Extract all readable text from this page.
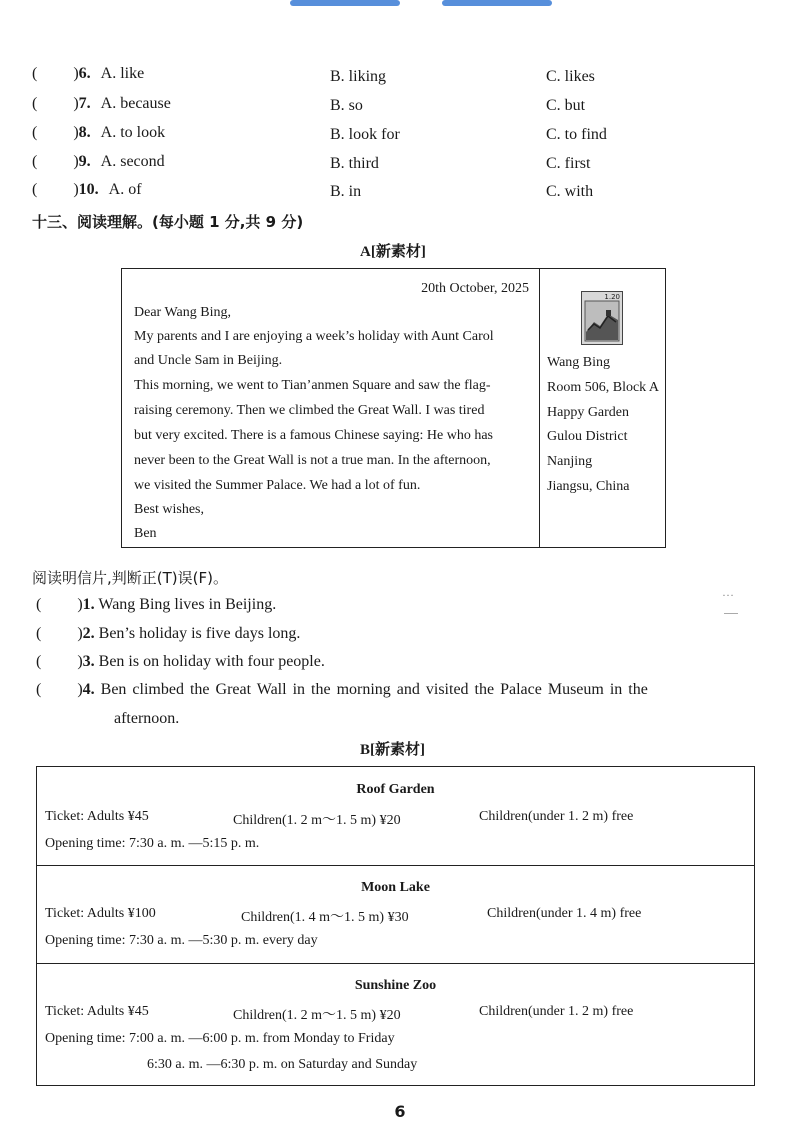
( )6. A. like	B. liking	C. likes
( )7. A. because	B. so	C. but
( )8. A. to look	B. look for	C. to find
( )9. A. second	B. third	C. first
( )10. A. of	B. in	C. with
十三、阅读理解。(每小题 1 分,共 9 分)
A[新素材]
20th October, 2025
Dear Wang Bing,
My parents and I are enjoying a week’s holiday with Aunt Carol
and Uncle Sam in Beijing.
This morning, we went to Tian’anmen Square and saw the flag-
raising ceremony. Then we climbed the Great Wall. I was tired
but very excited. There is a famous Chinese saying: He who has
never been to the Great Wall is not a true man. In the afternoon,
we visited the Summer Palace. We had a lot of fun.
Best wishes,
Ben
1.20
Wang Bing
Room 506, Block A
Happy Garden
Gulou District
Nanjing
Jiangsu, China
阅读明信片,判断正(T)误(F)。
( )1. Wang Bing lives in Beijing.
( )2. Ben’s holiday is five days long.
( )3. Ben is on holiday with four people.
( )4. Ben climbed the Great Wall in the morning and visited the Palace Museum in the
afternoon.
…
B[新素材]
Roof Garden
Ticket: Adults ¥45	Children(1. 2 m～1. 5 m) ¥20	Children(under 1. 2 m) free
Opening time: 7:30 a. m. —5:15 p. m.
Moon Lake
Ticket: Adults ¥100	Children(1. 4 m～1. 5 m) ¥30	Children(under 1. 4 m) free
Opening time: 7:30 a. m. —5:30 p. m. every day
Sunshine Zoo
Ticket: Adults ¥45	Children(1. 2 m～1. 5 m) ¥20	Children(under 1. 2 m) free
Opening time: 7:00 a. m. —6:00 p. m. from Monday to Friday
6:30 a. m. —6:30 p. m. on Saturday and Sunday
6
